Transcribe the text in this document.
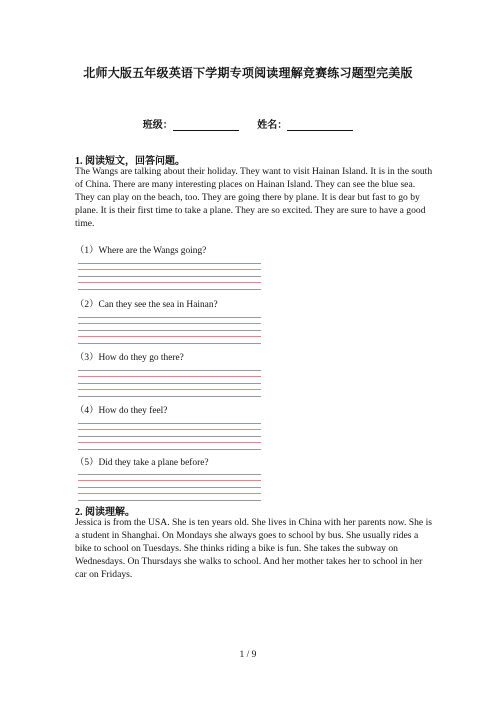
北师大版五年级英语下学期专项阅读理解竞赛练习题型完美版
班级：	姓名：
1. 阅读短文，回答问题。
The Wangs are talking about their holiday. They want to visit Hainan Island. It is in the south of China. There are many interesting places on Hainan Island. They can see the blue sea. They can play on the beach, too. They are going there by plane. It is dear but fast to go by plane. It is their first time to take a plane. They are so excited. They are sure to have a good time.
（1）Where are the Wangs going?
（2）Can they see the sea in Hainan?
（3）How do they go there?
（4）How do they feel?
（5）Did they take a plane before?
2. 阅读理解。
Jessica is from the USA. She is ten years old. She lives in China with her parents now. She is a student in Shanghai. On Mondays she always goes to school by bus. She usually rides a bike to school on Tuesdays. She thinks riding a bike is fun. She takes the subway on Wednesdays. On Thursdays she walks to school. And her mother takes her to school in her car on Fridays.
1 / 9
